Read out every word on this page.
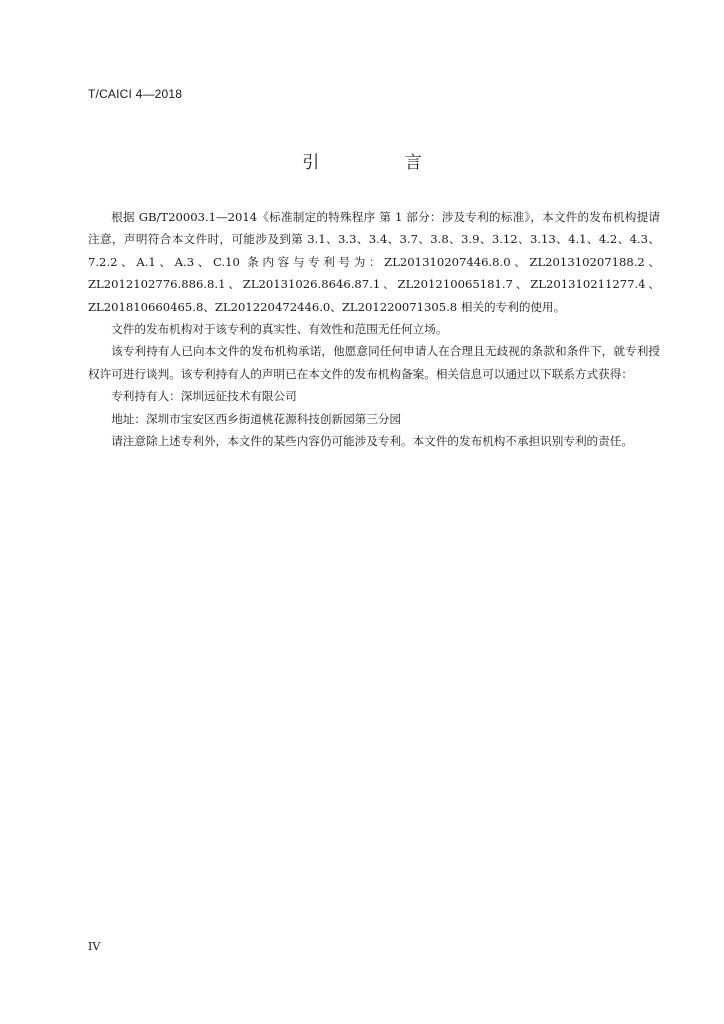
T/CAICI 4—2018
引 言

根据 GB/T20003.1—2014《标准制定的特殊程序 第 1 部分：涉及专利的标准》，本文件的发布机构提请注意，声明符合本文件时，可能涉及到第 3.1、3.3、3.4、3.7、3.8、3.9、3.12、3.13、4.1、4.2、4.3、7.2.2、A.1、A.3、C.10 条内容与专利号为：ZL201310207446.8.0、ZL201310207188.2、ZL2012102776.886.8.1、ZL20131026.8646.87.1、ZL201210065181.7、ZL201310211277.4、ZL201810660465.8、ZL201220472446.0、ZL201220071305.8 相关的专利的使用。

文件的发布机构对于该专利的真实性、有效性和范围无任何立场。

该专利持有人已向本文件的发布机构承诺，他愿意同任何申请人在合理且无歧视的条款和条件下，就专利授权许可进行谈判。该专利持有人的声明已在本文件的发布机构备案。相关信息可以通过以下联系方式获得：

专利持有人：深圳远征技术有限公司

地址：深圳市宝安区西乡街道桃花源科技创新园第三分园

请注意除上述专利外，本文件的某些内容仍可能涉及专利。本文件的发布机构不承担识别专利的责任。

IV
